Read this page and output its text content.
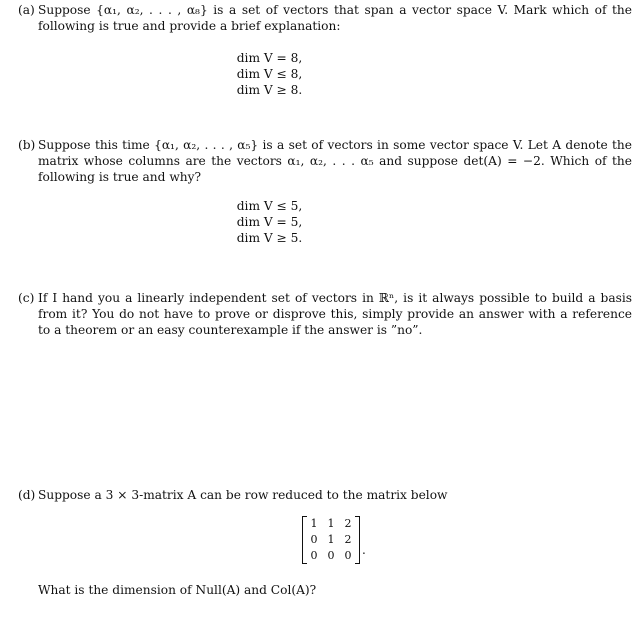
(a) Suppose {α₁, α₂, . . . , α₈} is a set of vectors that span a vector space V. Mark which of the following is true and provide a brief explanation:

dim V = 8,
dim V ≤ 8,
dim V ≥ 8.

(b) Suppose this time {α₁, α₂, . . . , α₅} is a set of vectors in some vector space V. Let A denote the matrix whose columns are the vectors α₁, α₂, . . . α₅ and suppose det(A) = −2. Which of the following is true and why?

dim V ≤ 5,
dim V = 5,
dim V ≥ 5.

(c) If I hand you a linearly independent set of vectors in ℝⁿ, is it always possible to build a basis from it? You do not have to prove or disprove this, simply provide an answer with a reference to a theorem or an easy counterexample if the answer is ”no”.
(d) Suppose a 3 × 3-matrix A can be row reduced to the matrix below
1 1 2
0 1 2
0 0 0 .
What is the dimension of Null(A) and Col(A)?
